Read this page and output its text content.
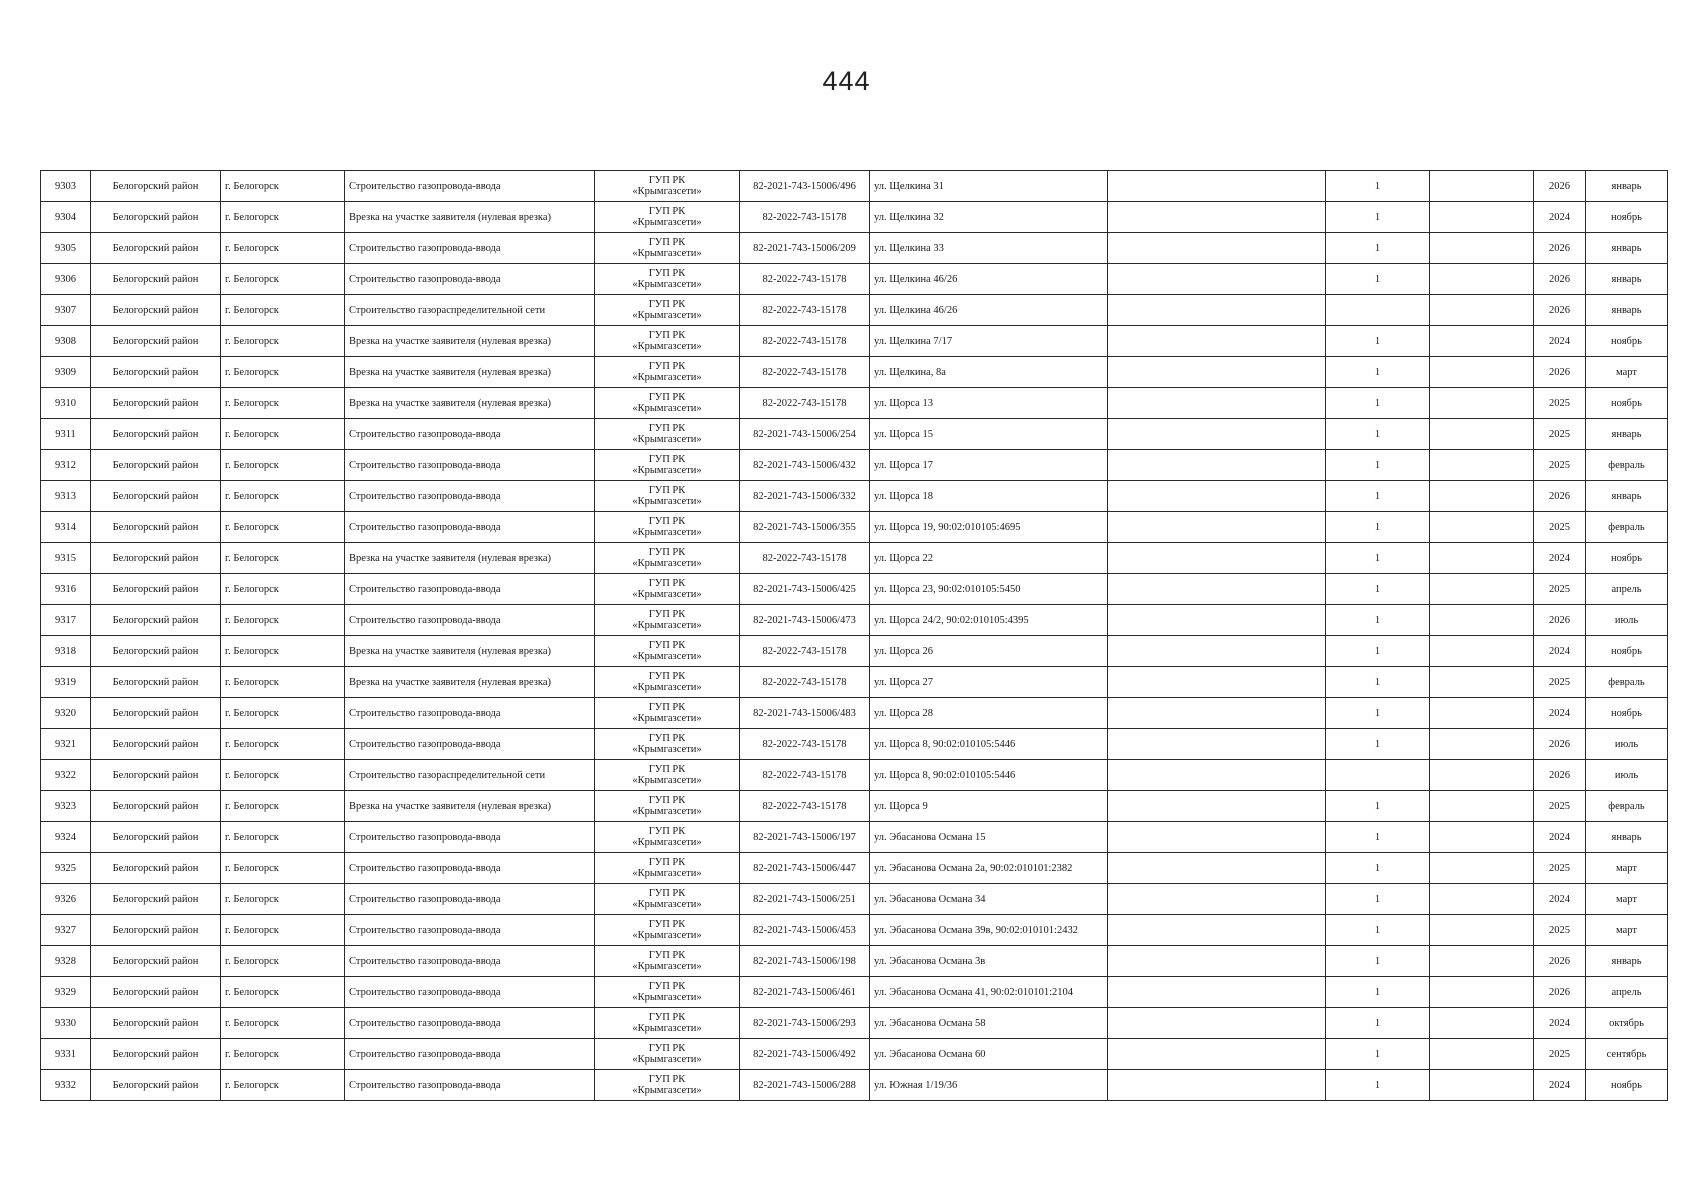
444
9303	Белогорский район	г. Белогорск	Строительство газопровода-ввода	ГУП РК
«Крымгазсети»	82-2021-743-15006/496	ул. Щелкина 31		1		2026	январь
9304	Белогорский район	г. Белогорск	Врезка на участке заявителя (нулевая врезка)	ГУП РК
«Крымгазсети»	82-2022-743-15178	ул. Щелкина 32		1		2024	ноябрь
9305	Белогорский район	г. Белогорск	Строительство газопровода-ввода	ГУП РК
«Крымгазсети»	82-2021-743-15006/209	ул. Щелкина 33		1		2026	январь
9306	Белогорский район	г. Белогорск	Строительство газопровода-ввода	ГУП РК
«Крымгазсети»	82-2022-743-15178	ул. Щелкина 46/26		1		2026	январь
9307	Белогорский район	г. Белогорск	Строительство газораспределительной сети	ГУП РК
«Крымгазсети»	82-2022-743-15178	ул. Щелкина 46/26				2026	январь
9308	Белогорский район	г. Белогорск	Врезка на участке заявителя (нулевая врезка)	ГУП РК
«Крымгазсети»	82-2022-743-15178	ул. Щелкина 7/17		1		2024	ноябрь
9309	Белогорский район	г. Белогорск	Врезка на участке заявителя (нулевая врезка)	ГУП РК
«Крымгазсети»	82-2022-743-15178	ул. Щелкина, 8а		1		2026	март
9310	Белогорский район	г. Белогорск	Врезка на участке заявителя (нулевая врезка)	ГУП РК
«Крымгазсети»	82-2022-743-15178	ул. Щорса 13		1		2025	ноябрь
9311	Белогорский район	г. Белогорск	Строительство газопровода-ввода	ГУП РК
«Крымгазсети»	82-2021-743-15006/254	ул. Щорса 15		1		2025	январь
9312	Белогорский район	г. Белогорск	Строительство газопровода-ввода	ГУП РК
«Крымгазсети»	82-2021-743-15006/432	ул. Щорса 17		1		2025	февраль
9313	Белогорский район	г. Белогорск	Строительство газопровода-ввода	ГУП РК
«Крымгазсети»	82-2021-743-15006/332	ул. Щорса 18		1		2026	январь
9314	Белогорский район	г. Белогорск	Строительство газопровода-ввода	ГУП РК
«Крымгазсети»	82-2021-743-15006/355	ул. Щорса 19, 90:02:010105:4695		1		2025	февраль
9315	Белогорский район	г. Белогорск	Врезка на участке заявителя (нулевая врезка)	ГУП РК
«Крымгазсети»	82-2022-743-15178	ул. Щорса 22		1		2024	ноябрь
9316	Белогорский район	г. Белогорск	Строительство газопровода-ввода	ГУП РК
«Крымгазсети»	82-2021-743-15006/425	ул. Щорса 23, 90:02:010105:5450		1		2025	апрель
9317	Белогорский район	г. Белогорск	Строительство газопровода-ввода	ГУП РК
«Крымгазсети»	82-2021-743-15006/473	ул. Щорса 24/2, 90:02:010105:4395		1		2026	июль
9318	Белогорский район	г. Белогорск	Врезка на участке заявителя (нулевая врезка)	ГУП РК
«Крымгазсети»	82-2022-743-15178	ул. Щорса 26		1		2024	ноябрь
9319	Белогорский район	г. Белогорск	Врезка на участке заявителя (нулевая врезка)	ГУП РК
«Крымгазсети»	82-2022-743-15178	ул. Щорса 27		1		2025	февраль
9320	Белогорский район	г. Белогорск	Строительство газопровода-ввода	ГУП РК
«Крымгазсети»	82-2021-743-15006/483	ул. Щорса 28		1		2024	ноябрь
9321	Белогорский район	г. Белогорск	Строительство газопровода-ввода	ГУП РК
«Крымгазсети»	82-2022-743-15178	ул. Щорса 8, 90:02:010105:5446		1		2026	июль
9322	Белогорский район	г. Белогорск	Строительство газораспределительной сети	ГУП РК
«Крымгазсети»	82-2022-743-15178	ул. Щорса 8, 90:02:010105:5446				2026	июль
9323	Белогорский район	г. Белогорск	Врезка на участке заявителя (нулевая врезка)	ГУП РК
«Крымгазсети»	82-2022-743-15178	ул. Щорса 9		1		2025	февраль
9324	Белогорский район	г. Белогорск	Строительство газопровода-ввода	ГУП РК
«Крымгазсети»	82-2021-743-15006/197	ул. Эбасанова Османа 15		1		2024	январь
9325	Белогорский район	г. Белогорск	Строительство газопровода-ввода	ГУП РК
«Крымгазсети»	82-2021-743-15006/447	ул. Эбасанова Османа 2а, 90:02:010101:2382		1		2025	март
9326	Белогорский район	г. Белогорск	Строительство газопровода-ввода	ГУП РК
«Крымгазсети»	82-2021-743-15006/251	ул. Эбасанова Османа 34		1		2024	март
9327	Белогорский район	г. Белогорск	Строительство газопровода-ввода	ГУП РК
«Крымгазсети»	82-2021-743-15006/453	ул. Эбасанова Османа 39в, 90:02:010101:2432		1		2025	март
9328	Белогорский район	г. Белогорск	Строительство газопровода-ввода	ГУП РК
«Крымгазсети»	82-2021-743-15006/198	ул. Эбасанова Османа 3в		1		2026	январь
9329	Белогорский район	г. Белогорск	Строительство газопровода-ввода	ГУП РК
«Крымгазсети»	82-2021-743-15006/461	ул. Эбасанова Османа 41, 90:02:010101:2104		1		2026	апрель
9330	Белогорский район	г. Белогорск	Строительство газопровода-ввода	ГУП РК
«Крымгазсети»	82-2021-743-15006/293	ул. Эбасанова Османа 58		1		2024	октябрь
9331	Белогорский район	г. Белогорск	Строительство газопровода-ввода	ГУП РК
«Крымгазсети»	82-2021-743-15006/492	ул. Эбасанова Османа 60		1		2025	сентябрь
9332	Белогорский район	г. Белогорск	Строительство газопровода-ввода	ГУП РК
«Крымгазсети»	82-2021-743-15006/288	ул. Южная 1/19/36		1		2024	ноябрь
